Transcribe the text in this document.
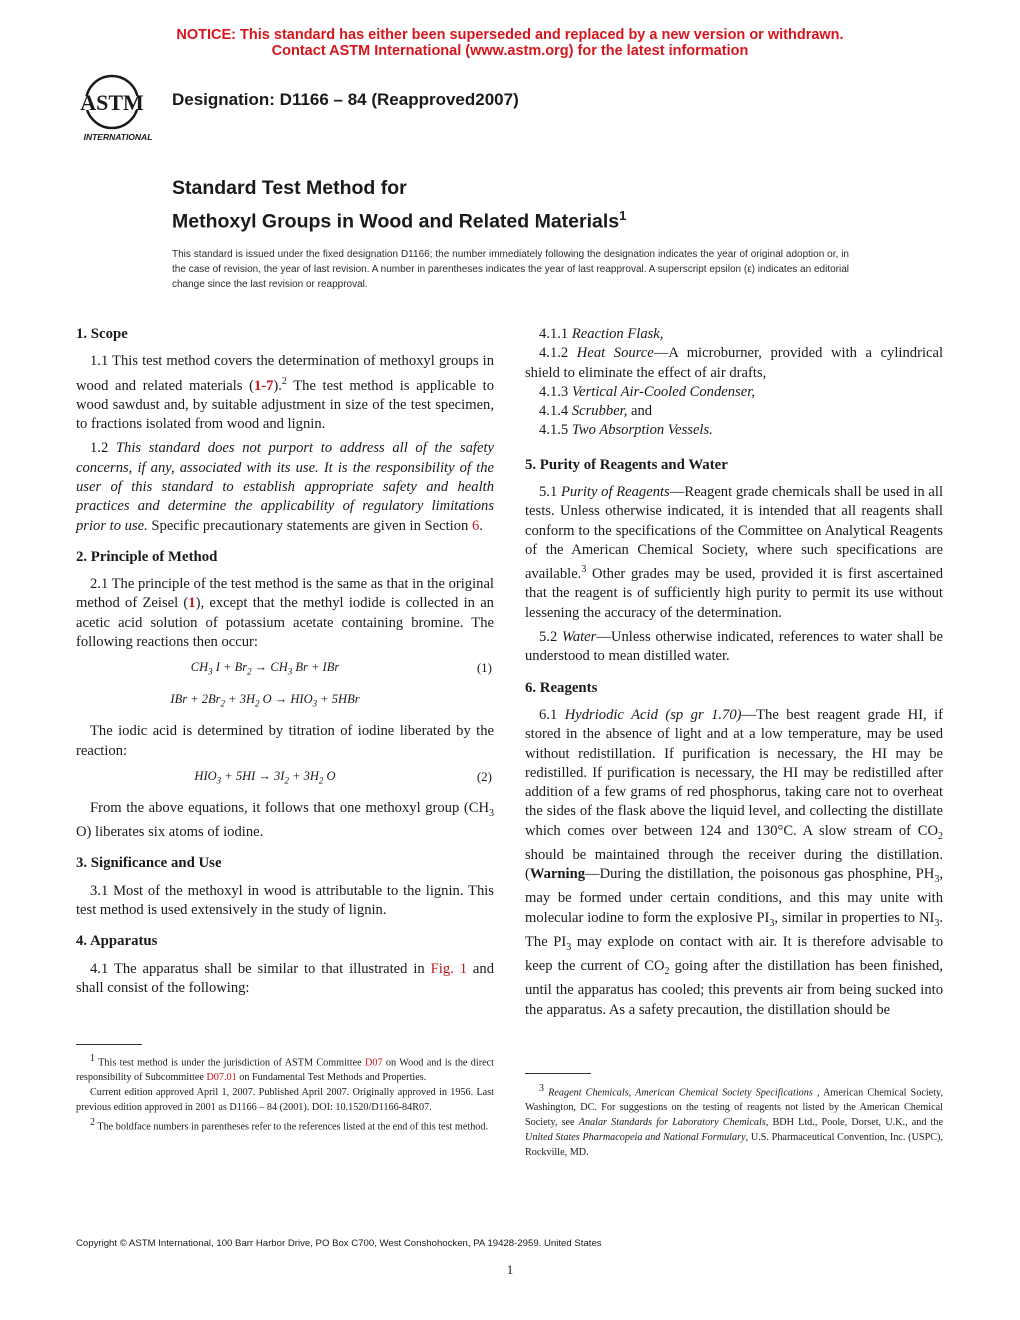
NOTICE: This standard has either been superseded and replaced by a new version or withdrawn.
Contact ASTM International (www.astm.org) for the latest information
ASTM
INTERNATIONAL
Designation: D1166 – 84 (Reapproved2007)
Standard Test Method for
Methoxyl Groups in Wood and Related Materials$^1$
This standard is issued under the fixed designation D1166; the number immediately following the designation indicates the year of original adoption or, in the case of revision, the year of last revision. A number in parentheses indicates the year of last reapproval. A superscript epsilon (ε) indicates an editorial change since the last revision or reapproval.
1. Scope

1.1 This test method covers the determination of methoxyl groups in wood and related materials (1-7).$^2$ The test method is applicable to wood sawdust and, by suitable adjustment in size of the test specimen, to fractions isolated from wood and lignin.

1.2 This standard does not purport to address all of the safety concerns, if any, associated with its use. It is the responsibility of the user of this standard to establish appropriate safety and health practices and determine the applicability of regulatory limitations prior to use. Specific precautionary statements are given in Section 6.

2. Principle of Method

2.1 The principle of the test method is the same as that in the original method of Zeisel (1), except that the methyl iodide is collected in an acetic acid solution of potassium acetate containing bromine. The following reactions then occur:

$CH_3$ $I + Br_2 \to CH_3$ Br + IBr	(1)
IBr + $2Br_2 + 3H_2$ $O \to HIO_3 + 5HBr$

The iodic acid is determined by titration of iodine liberated by the reaction:

$HIO_3 + 5HI \to 3I_2 + 3H_2$ O	(2)

From the above equations, it follows that one methoxyl group ($CH_3$ O) liberates six atoms of iodine.

3. Significance and Use

3.1 Most of the methoxyl in wood is attributable to the lignin. This test method is used extensively in the study of lignin.

4. Apparatus

4.1 The apparatus shall be similar to that illustrated in Fig. 1 and shall consist of the following:

$^1$ This test method is under the jurisdiction of ASTM Committee D07 on Wood and is the direct responsibility of Subcommittee D07.01 on Fundamental Test Methods and Properties.

Current edition approved April 1, 2007. Published April 2007. Originally approved in 1956. Last previous edition approved in 2001 as D1166 – 84 (2001). DOI: 10.1520/D1166-84R07.

$^2$ The boldface numbers in parentheses refer to the references listed at the end of this test method.

4.1.1 Reaction Flask,

4.1.2 Heat Source—A microburner, provided with a cylindrical shield to eliminate the effect of air drafts,

4.1.3 Vertical Air-Cooled Condenser,

4.1.4 Scrubber, and

4.1.5 Two Absorption Vessels.

5. Purity of Reagents and Water

5.1 Purity of Reagents—Reagent grade chemicals shall be used in all tests. Unless otherwise indicated, it is intended that all reagents shall conform to the specifications of the Committee on Analytical Reagents of the American Chemical Society, where such specifications are available.$^3$ Other grades may be used, provided it is first ascertained that the reagent is of sufficiently high purity to permit its use without lessening the accuracy of the determination.

5.2 Water—Unless otherwise indicated, references to water shall be understood to mean distilled water.

6. Reagents

6.1 Hydriodic Acid (sp gr 1.70)—The best reagent grade HI, if stored in the absence of light and at a low temperature, may be used without redistillation. If purification is necessary, the HI may be redistilled. If purification is necessary, the HI may be redistilled after addition of a few grams of red phosphorus, taking care not to overheat the sides of the flask above the liquid level, and collecting the distillate which comes over between 124 and 130°C. A slow stream of $CO_2$ should be maintained through the receiver during the distillation. (Warning—During the distillation, the poisonous gas phosphine, $PH_3$, may be formed under certain conditions, and this may unite with molecular iodine to form the explosive $PI_3$, similar in properties to $NI_3$. The $PI_3$ may explode on contact with air. It is therefore advisable to keep the current of $CO_2$ going after the distillation has been finished, until the apparatus has cooled; this prevents air from being sucked into the apparatus. As a safety precaution, the distillation should be

$^3$ Reagent Chemicals, American Chemical Society Specifications , American Chemical Society, Washington, DC. For suggestions on the testing of reagents not listed by the American Chemical Society, see Analar Standards for Laboratory Chemicals, BDH Ltd., Poole, Dorset, U.K., and the United States Pharmacopeia and National Formulary, U.S. Pharmaceutical Convention, Inc. (USPC), Rockville, MD.

Copyright © ASTM International, 100 Barr Harbor Drive, PO Box C700, West Conshohocken, PA 19428-2959. United States
1
